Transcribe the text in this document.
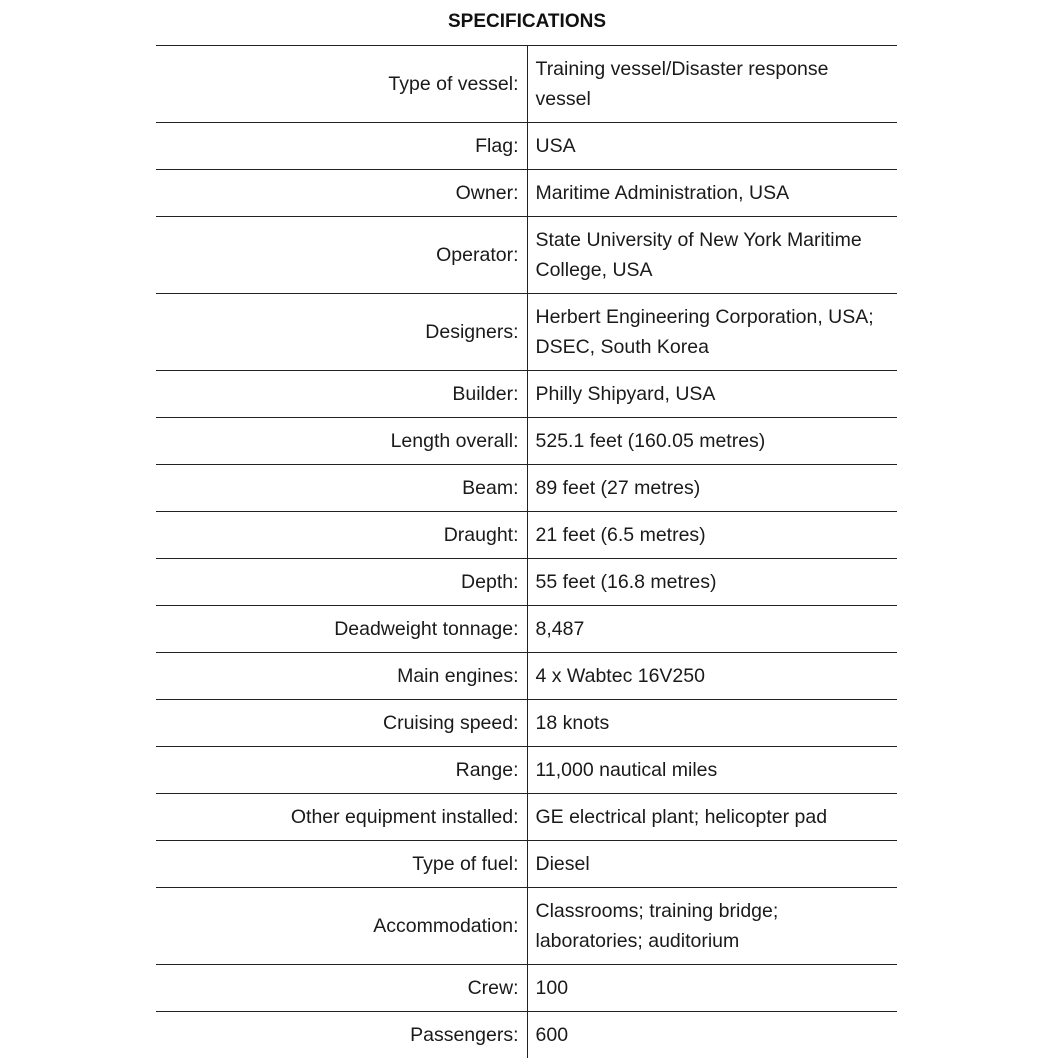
SPECIFICATIONS
Type of vessel:	Training vessel/Disaster response vessel
Flag:	USA
Owner:	Maritime Administration, USA
Operator:	State University of New York Maritime College, USA
Designers:	Herbert Engineering Corporation, USA; DSEC, South Korea
Builder:	Philly Shipyard, USA
Length overall:	525.1 feet (160.05 metres)
Beam:	89 feet (27 metres)
Draught:	21 feet (6.5 metres)
Depth:	55 feet (16.8 metres)
Deadweight tonnage:	8,487
Main engines:	4 x Wabtec 16V250
Cruising speed:	18 knots
Range:	11,000 nautical miles
Other equipment installed:	GE electrical plant; helicopter pad
Type of fuel:	Diesel
Accommodation:	Classrooms; training bridge; laboratories; auditorium
Crew:	100
Passengers:	600
